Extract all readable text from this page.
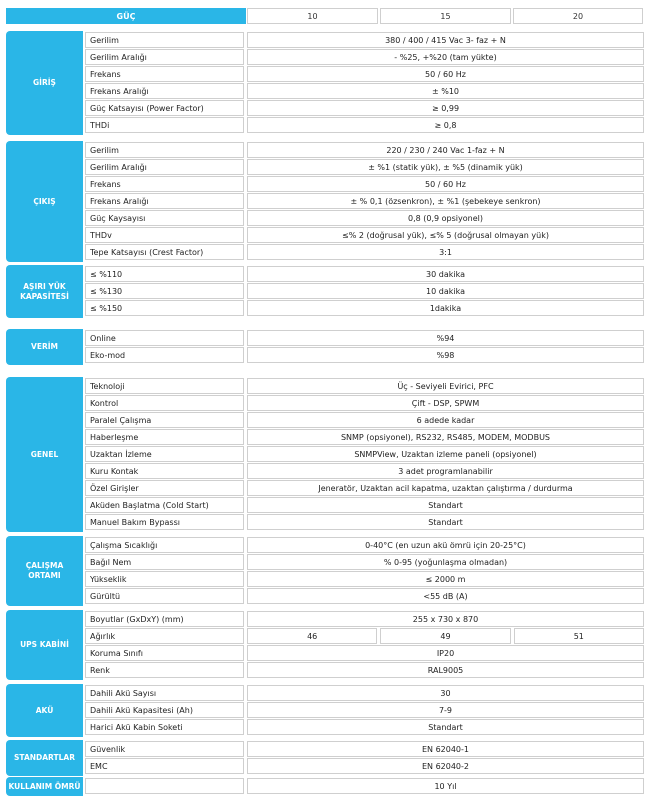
GÜÇ	10	15	20
GİRİŞ
Gerilim	380 / 400 / 415 Vac 3- faz + N
Gerilim Aralığı	- %25, +%20 (tam yükte)
Frekans	50 / 60 Hz
Frekans Aralığı	± %10
Güç Katsayısı (Power Factor)	≥ 0,99
THDi	≥ 0,8
ÇIKIŞ
Gerilim	220 / 230 / 240 Vac 1-faz + N
Gerilim Aralığı	± %1 (statik yük), ± %5 (dinamik yük)
Frekans	50 / 60 Hz
Frekans Aralığı	± % 0,1 (özsenkron), ± %1 (şebekeye senkron)
Güç Kaysayısı	0,8 (0,9 opsiyonel)
THDv	≤% 2 (doğrusal yük), ≤% 5 (doğrusal olmayan yük)
Tepe Katsayısı (Crest Factor)	3:1
AŞIRI YÜK
KAPASİTESİ
≤ %110	30 dakika
≤ %130	10 dakika
≤ %150	1dakika
VERİM
Online	%94
Eko-mod	%98
GENEL
Teknoloji	Üç - Seviyeli Evirici, PFC
Kontrol	Çift - DSP, SPWM
Paralel Çalışma	6 adede kadar
Haberleşme	SNMP (opsiyonel), RS232, RS485, MODEM, MODBUS
Uzaktan İzleme	SNMPView, Uzaktan izleme paneli (opsiyonel)
Kuru Kontak	3 adet programlanabilir
Özel Girişler	Jeneratör, Uzaktan acil kapatma, uzaktan çalıştırma / durdurma
Aküden Başlatma (Cold Start)	Standart
Manuel Bakım Bypassı	Standart
ÇALIŞMA
ORTAMI
Çalışma Sıcaklığı	0-40°C (en uzun akü ömrü için 20-25°C)
Bağıl Nem	% 0-95 (yoğunlaşma olmadan)
Yükseklik	≤ 2000 m
Gürültü	<55 dB (A)
UPS KABİNİ
Boyutlar (GxDxY) (mm)	255 x 730 x 870
Ağırlık	46	49	51
Koruma Sınıfı	IP20
Renk	RAL9005
AKÜ
Dahili Akü Sayısı	30
Dahili Akü Kapasitesi (Ah)	7-9
Harici Akü Kabin Soketi	Standart
STANDARTLAR
Güvenlik	EN 62040-1
EMC	EN 62040-2
KULLANIM ÖMRÜ	10 Yıl
